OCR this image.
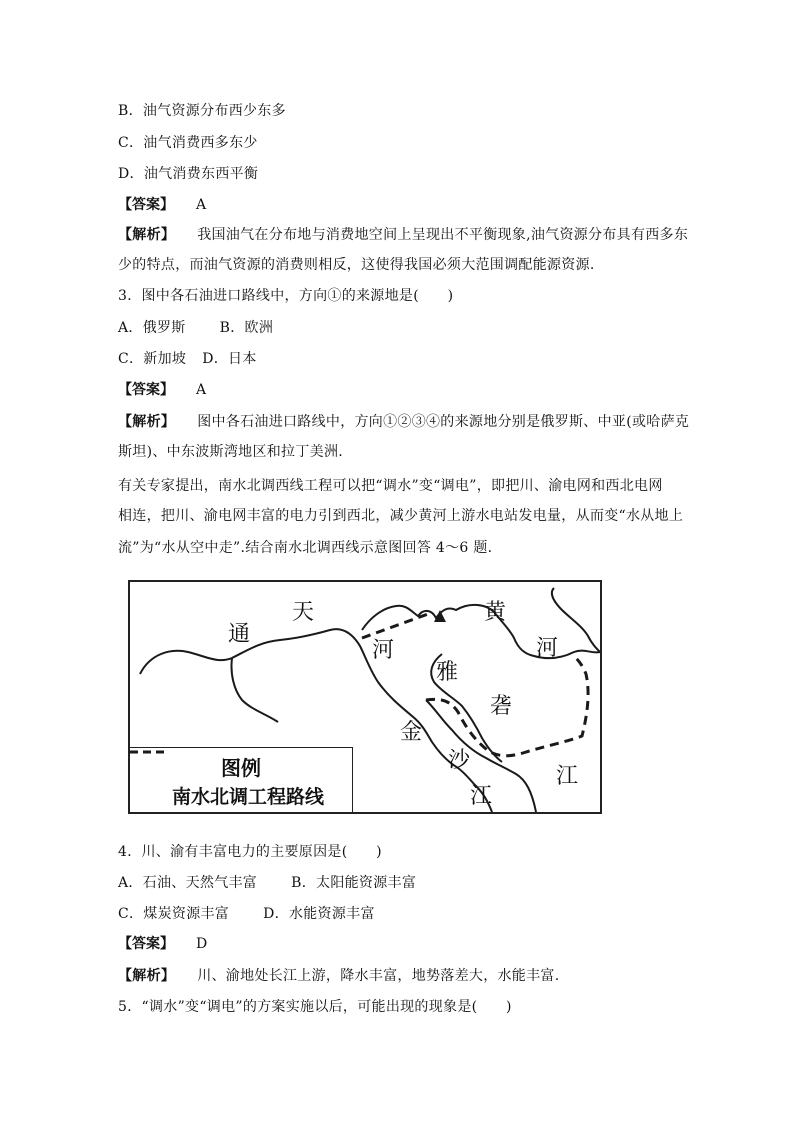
B．油气资源分布西少东多
C．油气消费西多东少
D．油气消费东西平衡
【答案】 A
【解析】 我国油气在分布地与消费地空间上呈现出不平衡现象,油气资源分布具有西多东
少的特点，而油气资源的消费则相反，这使得我国必须大范围调配能源资源.
3．图中各石油进口路线中，方向①的来源地是(　　)
A．俄罗斯 B．欧洲
C．新加坡 D．日本
【答案】 A
【解析】 图中各石油进口路线中，方向①②③④的来源地分别是俄罗斯、中亚(或哈萨克
斯坦)、中东波斯湾地区和拉丁美洲.
有关专家提出，南水北调西线工程可以把“调水”变“调电”，即把川、渝电网和西北电网
相连，把川、渝电网丰富的电力引到西北，减少黄河上游水电站发电量，从而变“水从地上
流”为“水从空中走”.结合南水北调西线示意图回答 4～6 题.
通
天
河
黄
河
雅
砻
金
沙
江
江
图例
南水北调工程路线
4．川、渝有丰富电力的主要原因是(　　)
A．石油、天然气丰富 B．太阳能资源丰富
C．煤炭资源丰富 D．水能资源丰富
【答案】 D
【解析】 川、渝地处长江上游，降水丰富，地势落差大，水能丰富.
5．“调水”变“调电”的方案实施以后，可能出现的现象是(　　)
